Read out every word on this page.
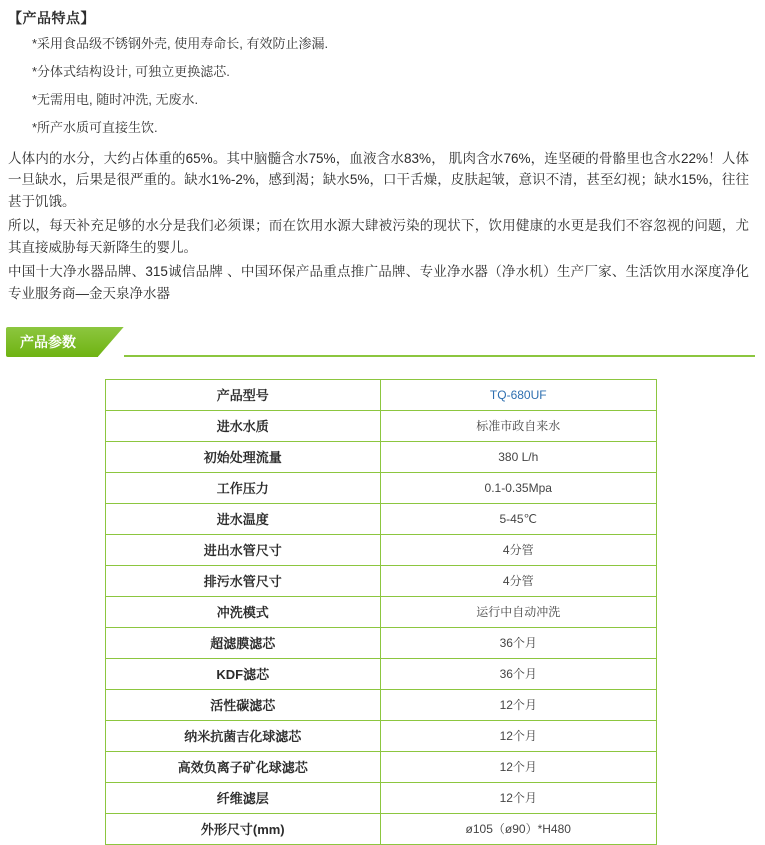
【产品特点】
*采用食品级不锈钢外壳, 使用寿命长, 有效防止渗漏.
*分体式结构设计, 可独立更换滤芯.
*无需用电, 随时冲洗, 无废水.
*所产水质可直接生饮.
人体内的水分，大约占体重的65%。其中脑髓含水75%，血液含水83%， 肌肉含水76%，连坚硬的骨骼里也含水22%！人体一旦缺水，后果是很严重的。缺水1%-2%，感到渴；缺水5%，口干舌燥，皮肤起皱，意识不清，甚至幻视；缺水15%，往往甚于饥饿。
所以，每天补充足够的水分是我们必须课；而在饮用水源大肆被污染的现状下，饮用健康的水更是我们不容忽视的问题，尤其直接威胁每天新降生的婴儿。
中国十大净水器品牌、315诚信品牌 、中国环保产品重点推广品牌、专业净水器（净水机）生产厂家、生活饮用水深度净化专业服务商—金天泉净水器
产品参数
产品型号	TQ-680UF
进水水质	标准市政自来水
初始处理流量	380 L/h
工作压力	0.1-0.35Mpa
进水温度	5-45℃
进出水管尺寸	4分管
排污水管尺寸	4分管
冲洗模式	运行中自动冲洗
超滤膜滤芯	36个月
KDF滤芯	36个月
活性碳滤芯	12个月
纳米抗菌吉化球滤芯	12个月
高效负离子矿化球滤芯	12个月
纤维滤层	12个月
外形尺寸(mm)	ø105（ø90）*H480
